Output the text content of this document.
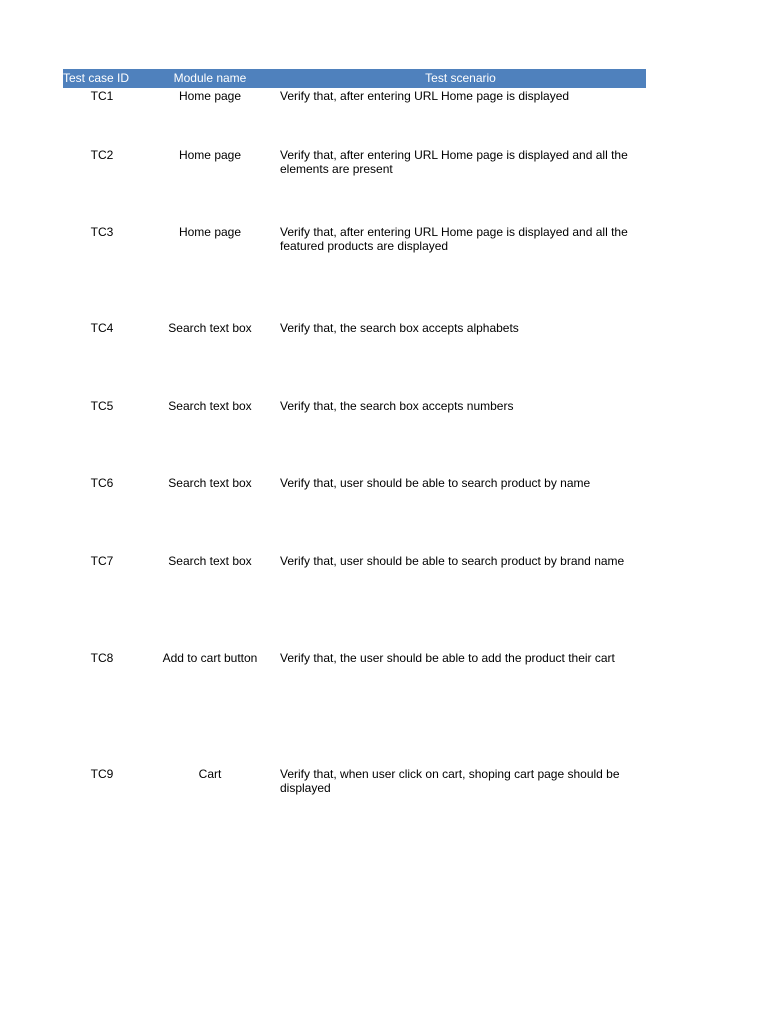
Test case ID	Module name	Test scenario
TC1	Home page	Verify that, after entering URL Home page is displayed
TC2	Home page	Verify that, after entering URL Home page is displayed and all the elements are present
TC3	Home page	Verify that, after entering URL Home page is displayed and all the featured products are displayed
TC4	Search text box	Verify that, the search box accepts alphabets
TC5	Search text box	Verify that, the search box accepts numbers
TC6	Search text box	Verify that, user should be able to search product by name
TC7	Search text box	Verify that, user should be able to search product by brand name
TC8	Add to cart button	Verify that, the user should be able to add the product their cart
TC9	Cart	Verify that, when user click on cart, shoping cart page should be displayed
